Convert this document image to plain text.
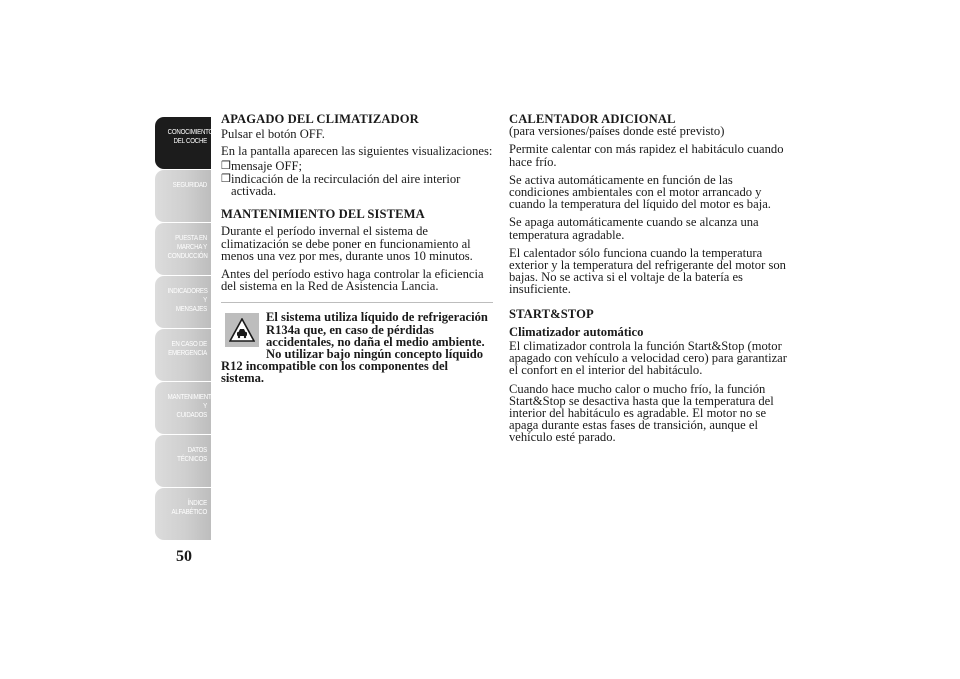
CONOCIMIENTO
DEL COCHE
SEGURIDAD
PUESTA EN
MARCHA Y
CONDUCCIÓN
INDICADORES Y
MENSAJES
EN CASO DE
EMERGENCIA
MANTENIMIENTO Y
CUIDADOS
DATOS TÉCNICOS
ÍNDICE
ALFABÉTICO
50
APAGADO DEL CLIMATIZADOR

Pulsar el botón OFF.

En la pantalla aparecen las siguientes visualizaciones:

❒ mensaje OFF;
❒ indicación de la recirculación del aire interior activada.
MANTENIMIENTO DEL SISTEMA

Durante el período invernal el sistema de climatización se debe poner en funcionamiento al menos una vez por mes, durante unos 10 minutos.

Antes del período estivo haga controlar la eficiencia del sistema en la Red de Asistencia Lancia.

El sistema utiliza líquido de refrigeración R134a que, en caso de pérdidas accidentales, no daña el medio ambiente. No utilizar bajo ningún concepto líquido R12 incompatible con los componentes del sistema.
CALENTADOR ADICIONAL

(para versiones/países donde esté previsto)

Permite calentar con más rapidez el habitáculo cuando hace frío.

Se activa automáticamente en función de las condiciones ambientales con el motor arrancado y cuando la temperatura del líquido del motor es baja.

Se apaga automáticamente cuando se alcanza una temperatura agradable.

El calentador sólo funciona cuando la temperatura exterior y la temperatura del refrigerante del motor son bajas. No se activa si el voltaje de la batería es insuficiente.

START&STOP
Climatizador automático

El climatizador controla la función Start&Stop (motor apagado con vehículo a velocidad cero) para garantizar el confort en el interior del habitáculo.

Cuando hace mucho calor o mucho frío, la función Start&Stop se desactiva hasta que la temperatura del interior del habitáculo es agradable. El motor no se apaga durante estas fases de transición, aunque el vehículo esté parado.
